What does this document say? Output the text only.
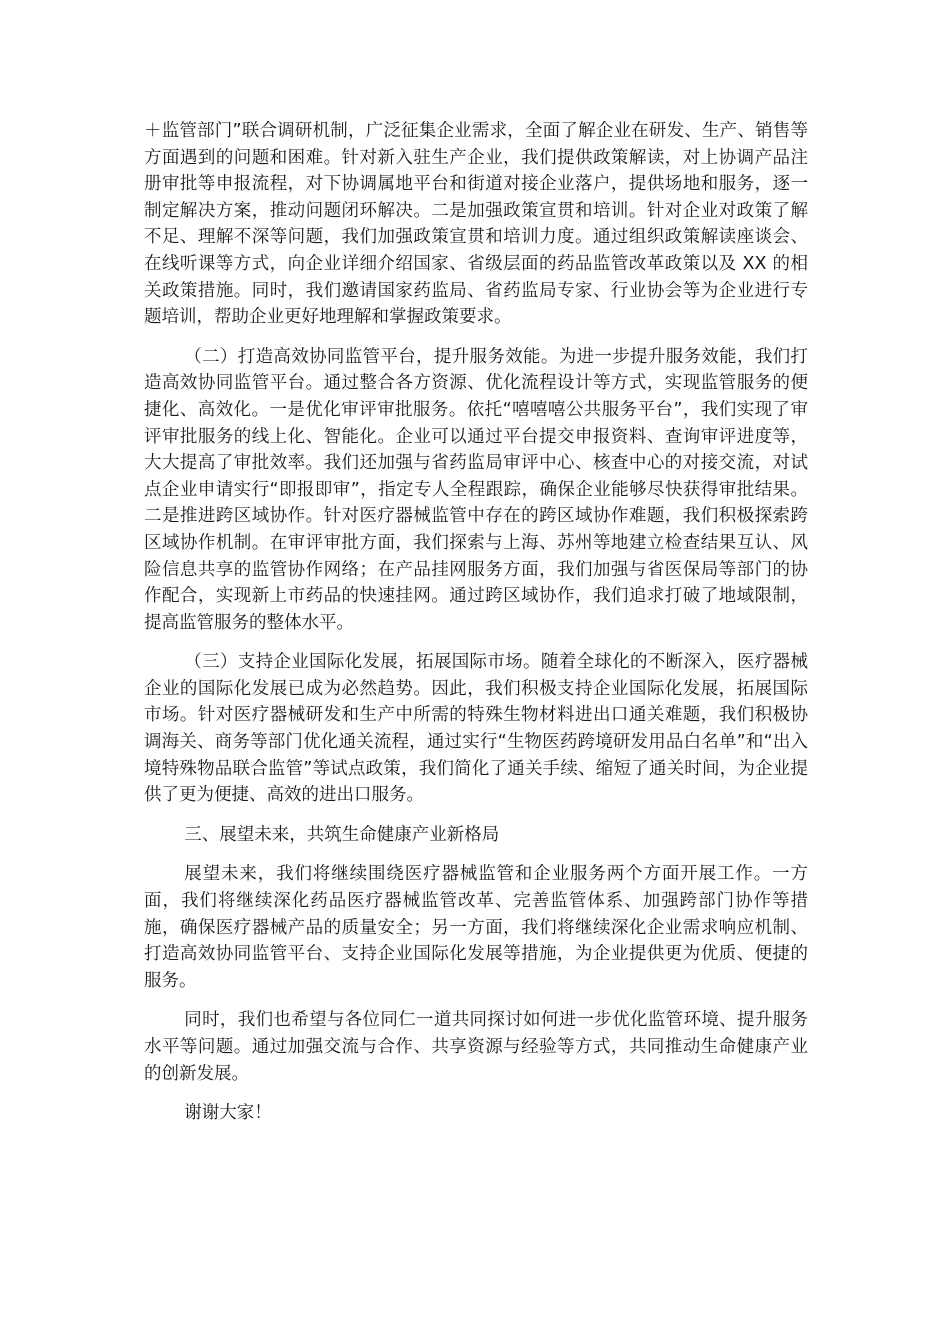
＋监管部门”联合调研机制，广泛征集企业需求，全面了解企业在研发、生产、销售等方面遇到的问题和困难。针对新入驻生产企业，我们提供政策解读，对上协调产品注册审批等申报流程，对下协调属地平台和街道对接企业落户，提供场地和服务，逐一制定解决方案，推动问题闭环解决。二是加强政策宣贯和培训。针对企业对政策了解不足、理解不深等问题，我们加强政策宣贯和培训力度。通过组织政策解读座谈会、在线听课等方式，向企业详细介绍国家、省级层面的药品监管改革政策以及 XX 的相关政策措施。同时，我们邀请国家药监局、省药监局专家、行业协会等为企业进行专题培训，帮助企业更好地理解和掌握政策要求。

（二）打造高效协同监管平台，提升服务效能。为进一步提升服务效能，我们打造高效协同监管平台。通过整合各方资源、优化流程设计等方式，实现监管服务的便捷化、高效化。一是优化审评审批服务。依托“嘻嘻嘻公共服务平台”，我们实现了审评审批服务的线上化、智能化。企业可以通过平台提交申报资料、查询审评进度等，大大提高了审批效率。我们还加强与省药监局审评中心、核查中心的对接交流，对试点企业申请实行“即报即审”，指定专人全程跟踪，确保企业能够尽快获得审批结果。二是推进跨区域协作。针对医疗器械监管中存在的跨区域协作难题，我们积极探索跨区域协作机制。在审评审批方面，我们探索与上海、苏州等地建立检查结果互认、风险信息共享的监管协作网络；在产品挂网服务方面，我们加强与省医保局等部门的协作配合，实现新上市药品的快速挂网。通过跨区域协作，我们追求打破了地域限制，提高监管服务的整体水平。

（三）支持企业国际化发展，拓展国际市场。随着全球化的不断深入，医疗器械企业的国际化发展已成为必然趋势。因此，我们积极支持企业国际化发展，拓展国际市场。针对医疗器械研发和生产中所需的特殊生物材料进出口通关难题，我们积极协调海关、商务等部门优化通关流程，通过实行“生物医药跨境研发用品白名单”和“出入境特殊物品联合监管”等试点政策，我们简化了通关手续、缩短了通关时间，为企业提供了更为便捷、高效的进出口服务。

三、展望未来，共筑生命健康产业新格局

展望未来，我们将继续围绕医疗器械监管和企业服务两个方面开展工作。一方面，我们将继续深化药品医疗器械监管改革、完善监管体系、加强跨部门协作等措施，确保医疗器械产品的质量安全；另一方面，我们将继续深化企业需求响应机制、打造高效协同监管平台、支持企业国际化发展等措施，为企业提供更为优质、便捷的服务。

同时，我们也希望与各位同仁一道共同探讨如何进一步优化监管环境、提升服务水平等问题。通过加强交流与合作、共享资源与经验等方式，共同推动生命健康产业的创新发展。

谢谢大家！
